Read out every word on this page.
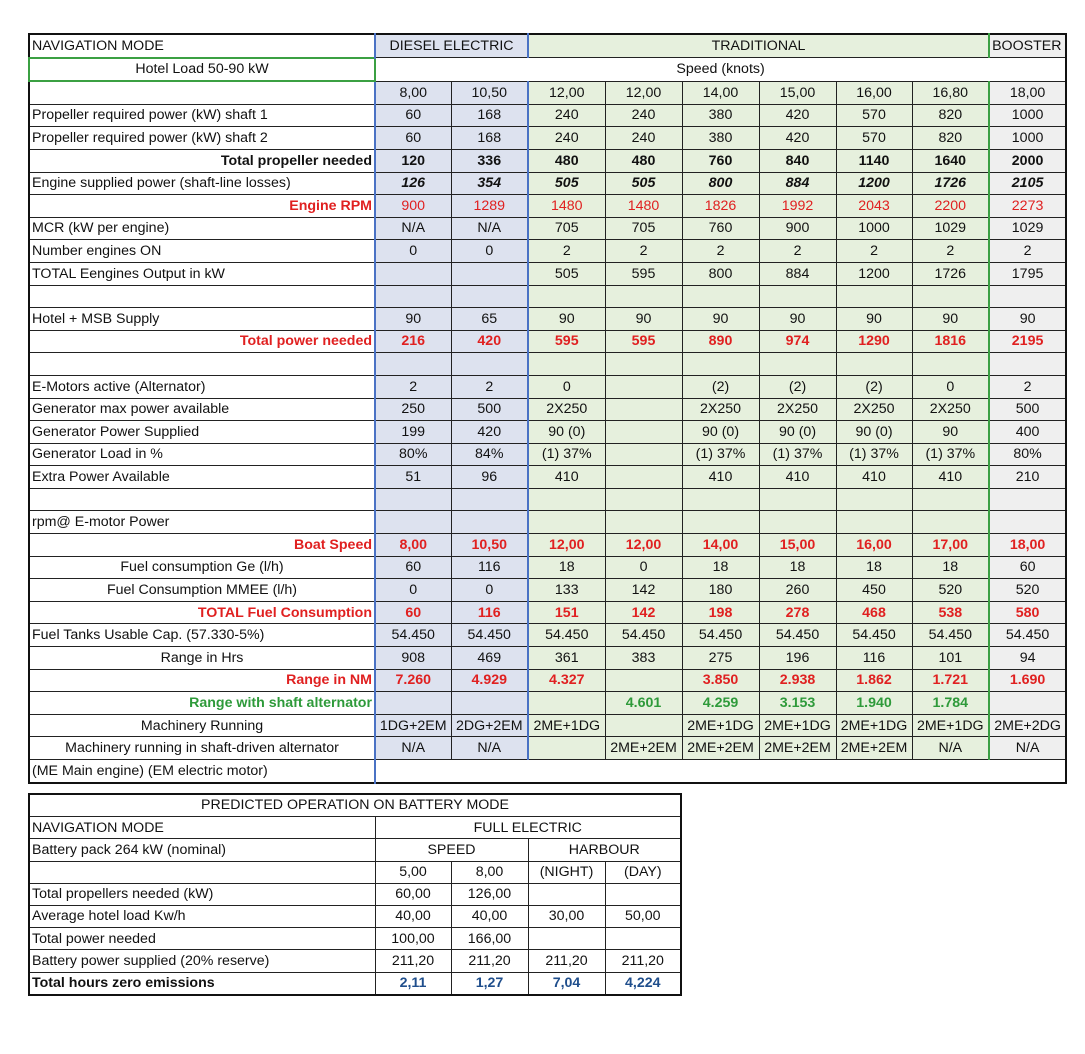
NAVIGATION MODE	DIESEL ELECTRIC		TRADITIONAL						BOOSTER
Hotel Load 50-90 kW	Speed (knots)								
	8,00	10,50	12,00	12,00	14,00	15,00	16,00	16,80	18,00
Propeller required power (kW) shaft 1	60	168	240	240	380	420	570	820	1000
Propeller required power (kW) shaft 2	60	168	240	240	380	420	570	820	1000
Total propeller needed	120	336	480	480	760	840	1140	1640	2000
Engine supplied power (shaft-line losses)	126	354	505	505	800	884	1200	1726	2105
Engine RPM	900	1289	1480	1480	1826	1992	2043	2200	2273
MCR (kW per engine)	N/A	N/A	705	705	760	900	1000	1029	1029
Number engines ON	0	0	2	2	2	2	2	2	2
TOTAL Eengines Output in kW			505	595	800	884	1200	1726	1795

Hotel + MSB Supply	90	65	90	90	90	90	90	90	90
Total power needed	216	420	595	595	890	974	1290	1816	2195

E-Motors active (Alternator)	2	2	0		(2)	(2)	(2)	0	2
Generator max power available	250	500	2X250		2X250	2X250	2X250	2X250	500
Generator Power Supplied	199	420	90 (0)		90 (0)	90 (0)	90 (0)	90	400
Generator Load in %	80%	84%	(1) 37%		(1) 37%	(1) 37%	(1) 37%	(1) 37%	80%
Extra Power Available	51	96	410		410	410	410	410	210

rpm@ E-motor Power									
Boat Speed	8,00	10,50	12,00	12,00	14,00	15,00	16,00	17,00	18,00
Fuel consumption Ge (l/h)	60	116	18	0	18	18	18	18	60
Fuel Consumption MMEE (l/h)	0	0	133	142	180	260	450	520	520
TOTAL Fuel Consumption	60	116	151	142	198	278	468	538	580
Fuel Tanks Usable Cap. (57.330-5%)	54.450	54.450	54.450	54.450	54.450	54.450	54.450	54.450	54.450
Range in Hrs	908	469	361	383	275	196	116	101	94
Range in NM	7.260	4.929	4.327		3.850	2.938	1.862	1.721	1.690
Range with shaft alternator				4.601	4.259	3.153	1.940	1.784	
Machinery Running	1DG+2EM	2DG+2EM	2ME+1DG		2ME+1DG	2ME+1DG	2ME+1DG	2ME+1DG	2ME+2DG
Machinery running in shaft-driven alternator	N/A	N/A		2ME+2EM	2ME+2EM	2ME+2EM	2ME+2EM	N/A	N/A
(ME Main engine) (EM electric motor)									
PREDICTED OPERATION ON BATTERY MODE				
NAVIGATION MODE	FULL ELECTRIC			
Battery pack 264 kW (nominal)	SPEED		HARBOUR	
	5,00	8,00	(NIGHT)	(DAY)
Total propellers needed (kW)	60,00	126,00		
Average hotel load Kw/h	40,00	40,00	30,00	50,00
Total power needed	100,00	166,00		
Battery power supplied (20% reserve)	211,20	211,20	211,20	211,20
Total hours zero emissions	2,11	1,27	7,04	4,224
